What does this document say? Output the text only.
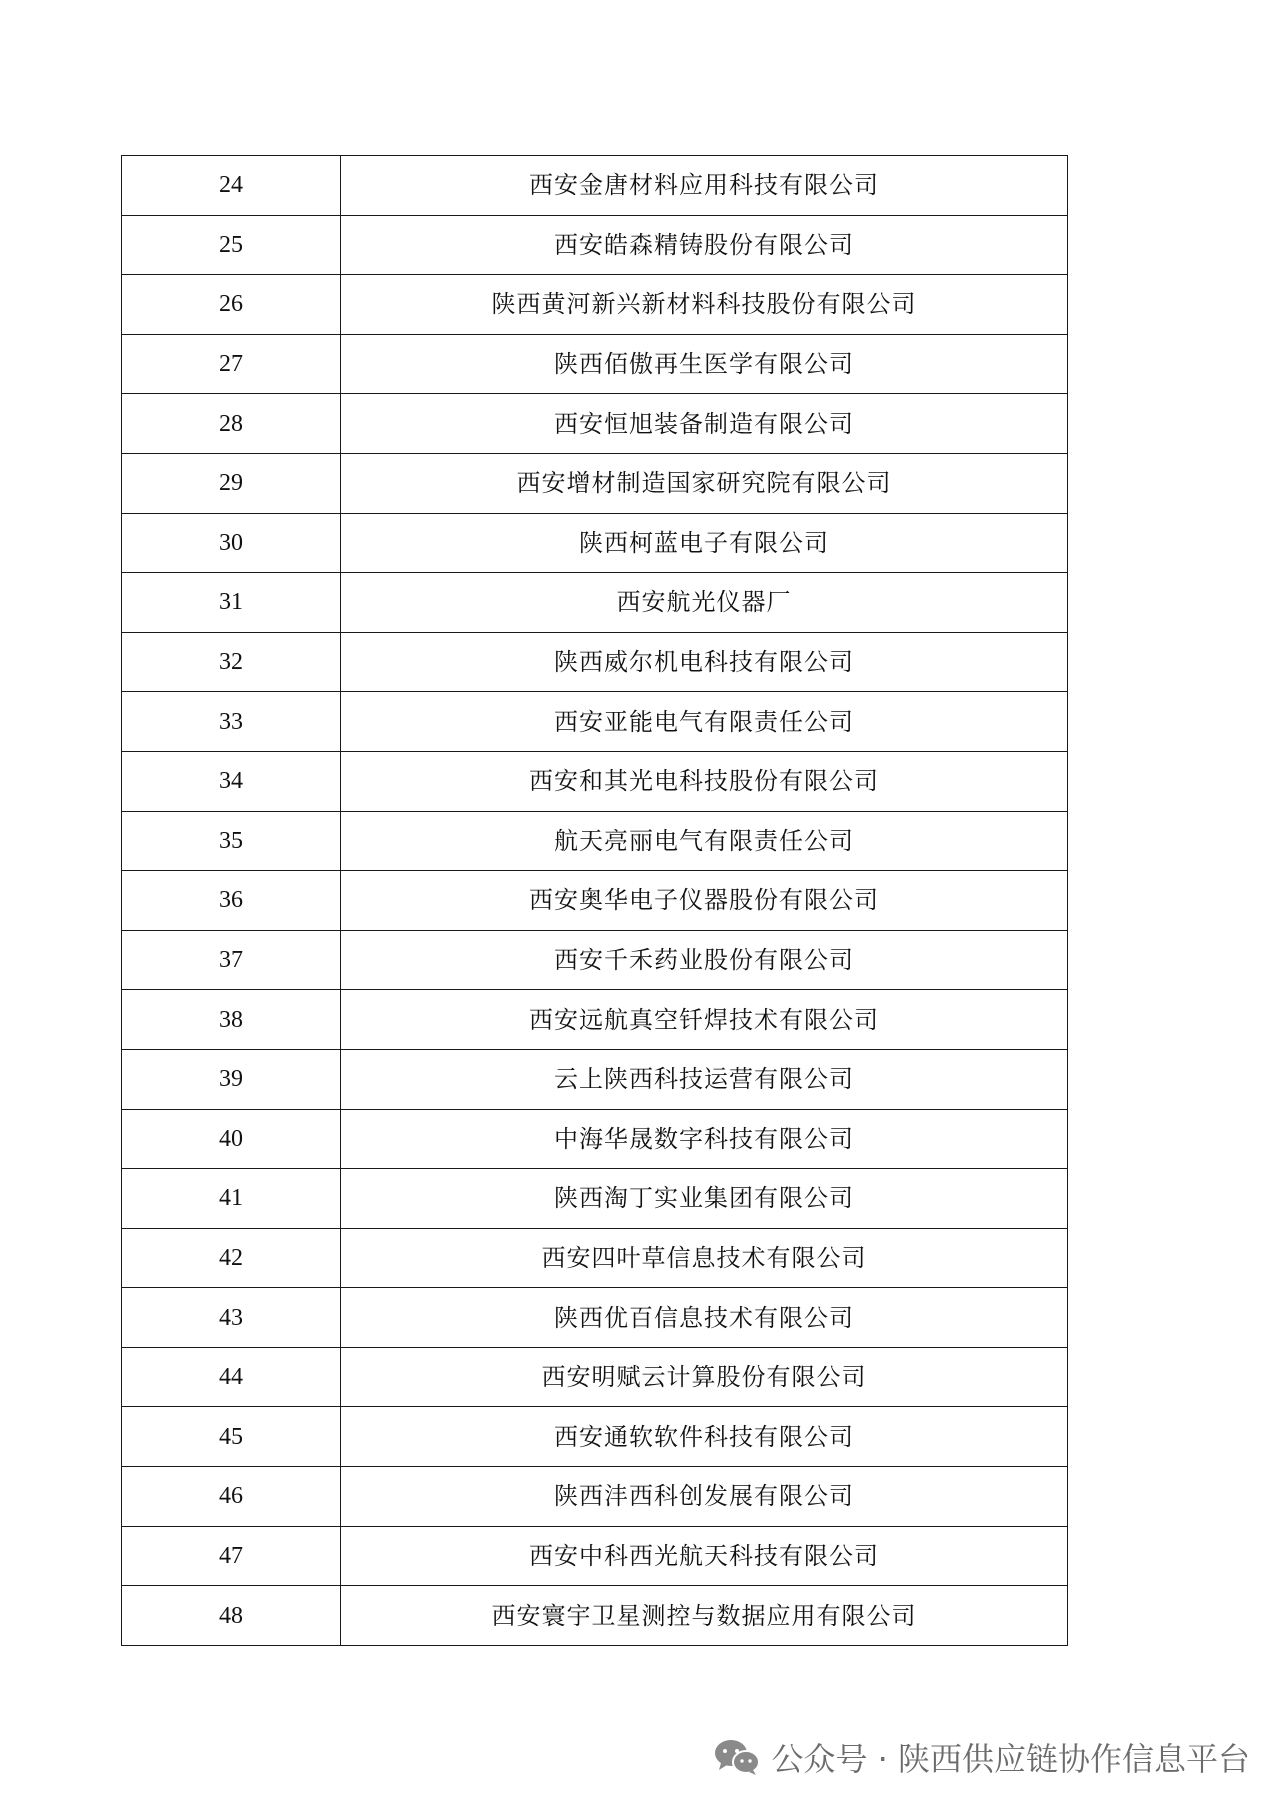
24	西安金唐材料应用科技有限公司
25	西安皓森精铸股份有限公司
26	陕西黄河新兴新材料科技股份有限公司
27	陕西佰傲再生医学有限公司
28	西安恒旭装备制造有限公司
29	西安增材制造国家研究院有限公司
30	陕西柯蓝电子有限公司
31	西安航光仪器厂
32	陕西威尔机电科技有限公司
33	西安亚能电气有限责任公司
34	西安和其光电科技股份有限公司
35	航天亮丽电气有限责任公司
36	西安奥华电子仪器股份有限公司
37	西安千禾药业股份有限公司
38	西安远航真空钎焊技术有限公司
39	云上陕西科技运营有限公司
40	中海华晟数字科技有限公司
41	陕西淘丁实业集团有限公司
42	西安四叶草信息技术有限公司
43	陕西优百信息技术有限公司
44	西安明赋云计算股份有限公司
45	西安通软软件科技有限公司
46	陕西沣西科创发展有限公司
47	西安中科西光航天科技有限公司
48	西安寰宇卫星测控与数据应用有限公司
公众号 · 陕西供应链协作信息平台
